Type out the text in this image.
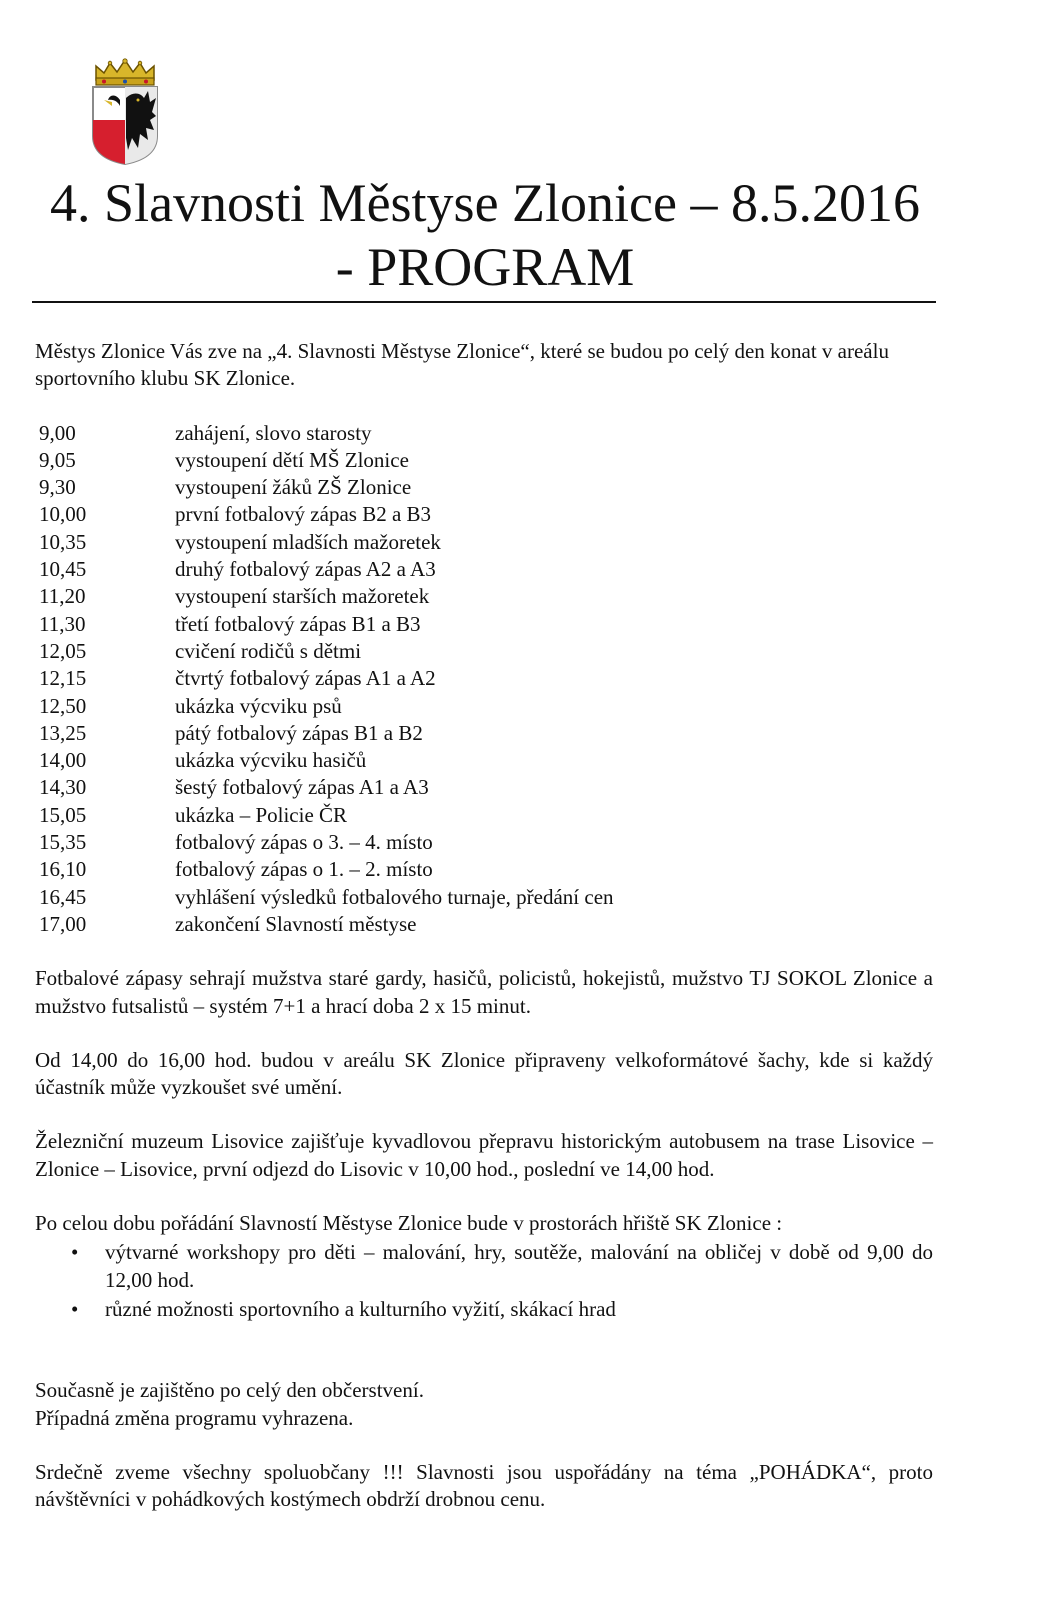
4. Slavnosti Městyse Zlonice – 8.5.2016
- PROGRAM

Městys Zlonice Vás zve na „4. Slavnosti Městyse Zlonice“, které se budou po celý den konat v areálu sportovního klubu SK Zlonice.

9,00	zahájení, slovo starosty
9,05	vystoupení dětí MŠ Zlonice
9,30	vystoupení žáků ZŠ Zlonice
10,00	první fotbalový zápas B2 a B3
10,35	vystoupení mladších mažoretek
10,45	druhý fotbalový zápas A2 a A3
11,20	vystoupení starších mažoretek
11,30	třetí fotbalový zápas B1 a B3
12,05	cvičení rodičů s dětmi
12,15	čtvrtý fotbalový zápas A1 a A2
12,50	ukázka výcviku psů
13,25	pátý fotbalový zápas B1 a B2
14,00	ukázka výcviku hasičů
14,30	šestý fotbalový zápas A1 a A3
15,05	ukázka – Policie ČR
15,35	fotbalový zápas o 3. – 4. místo
16,10	fotbalový zápas o 1. – 2. místo
16,45	vyhlášení výsledků fotbalového turnaje, předání cen
17,00	zakončení Slavností městyse

Fotbalové zápasy sehrají mužstva staré gardy, hasičů, policistů, hokejistů, mužstvo TJ SOKOL Zlonice a mužstvo futsalistů – systém 7+1 a hrací doba 2 x 15 minut.

Od 14,00 do 16,00 hod. budou v areálu SK Zlonice připraveny velkoformátové šachy, kde si každý účastník může vyzkoušet své umění.

Železniční muzeum Lisovice zajišťuje kyvadlovou přepravu historickým autobusem na trase Lisovice – Zlonice – Lisovice, první odjezd do Lisovic v 10,00 hod., poslední ve 14,00 hod.

Po celou dobu pořádání Slavností Městyse Zlonice bude v prostorách hřiště SK Zlonice :

• výtvarné workshopy pro děti – malování, hry, soutěže, malování na obličej v době od 9,00 do 12,00 hod.
• různé možnosti sportovního a kulturního vyžití, skákací hrad

Současně je zajištěno po celý den občerstvení.

Případná změna programu vyhrazena.

Srdečně zveme všechny spoluobčany !!! Slavnosti jsou uspořádány na téma „POHÁDKA“, proto návštěvníci v pohádkových kostýmech obdrží drobnou cenu.
